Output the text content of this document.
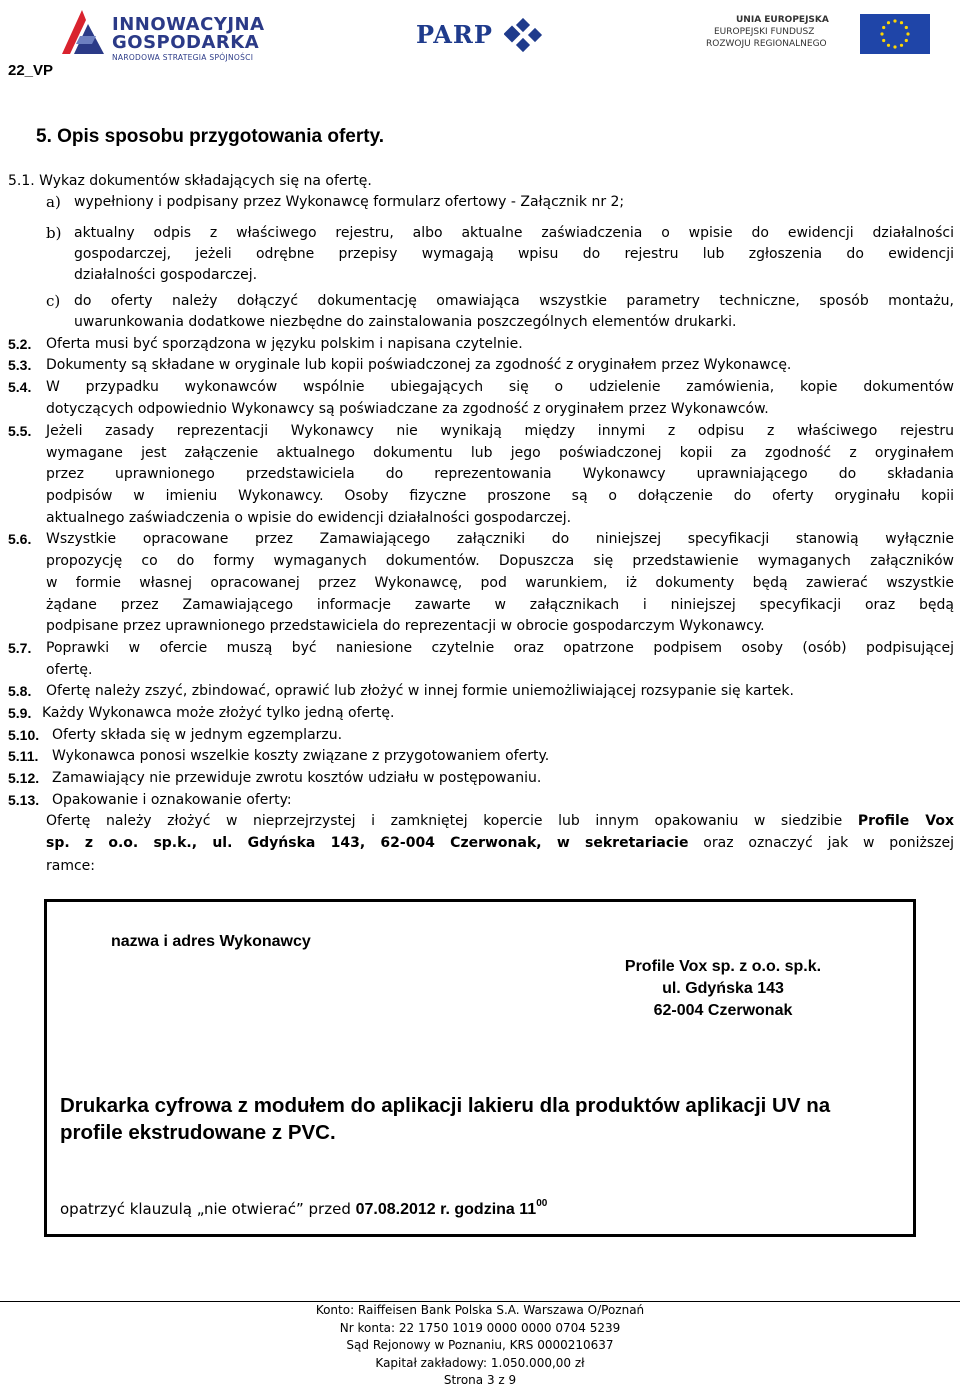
INNOWACYJNA
GOSPODARKA
NARODOWA STRATEGIA SPÓJNOŚCI
PARP	UNIA EUROPEJSKA
EUROPEJSKI FUNDUSZ
ROZWOJU REGIONALNEGO
22_VP
5. Opis sposobu przygotowania oferty.
5.1. Wykaz dokumentów składających się na ofertę.
a) wypełniony i podpisany przez Wykonawcę formularz ofertowy - Załącznik nr 2;
b) aktualny odpis z właściwego rejestru, albo aktualne zaświadczenia o wpisie do ewidencji działalności
gospodarczej, jeżeli odrębne przepisy wymagają wpisu do rejestru lub zgłoszenia do ewidencji
działalności gospodarczej.
c) do oferty należy dołączyć dokumentację omawiająca wszystkie parametry techniczne, sposób montażu,
uwarunkowania dodatkowe niezbędne do zainstalowania poszczególnych elementów drukarki.
5.2. Oferta musi być sporządzona w języku polskim i napisana czytelnie.
5.3. Dokumenty są składane w oryginale lub kopii poświadczonej za zgodność z oryginałem przez Wykonawcę.
5.4. W przypadku wykonawców wspólnie ubiegających się o udzielenie zamówienia, kopie dokumentów
dotyczących odpowiednio Wykonawcy są poświadczane za zgodność z oryginałem przez Wykonawców.
5.5. Jeżeli zasady reprezentacji Wykonawcy nie wynikają między innymi z odpisu z właściwego rejestru
wymagane jest załączenie aktualnego dokumentu lub jego poświadczonej kopii za zgodność z oryginałem
przez uprawnionego przedstawiciela do reprezentowania Wykonawcy uprawniającego do składania
podpisów w imieniu Wykonawcy. Osoby fizyczne proszone są o dołączenie do oferty oryginału kopii
aktualnego zaświadczenia o wpisie do ewidencji działalności gospodarczej.
5.6. Wszystkie opracowane przez Zamawiającego załączniki do niniejszej specyfikacji stanowią wyłącznie
propozycję co do formy wymaganych dokumentów. Dopuszcza się przedstawienie wymaganych załączników
w formie własnej opracowanej przez Wykonawcę, pod warunkiem, iż dokumenty będą zawierać wszystkie
żądane przez Zamawiającego informacje zawarte w załącznikach i niniejszej specyfikacji oraz będą
podpisane przez uprawnionego przedstawiciela do reprezentacji w obrocie gospodarczym Wykonawcy.
5.7. Poprawki w ofercie muszą być naniesione czytelnie oraz opatrzone podpisem osoby (osób) podpisującej
ofertę.
5.8. Ofertę należy zszyć, zbindować, oprawić lub złożyć w innej formie uniemożliwiającej rozsypanie się kartek.
5.9. Każdy Wykonawca może złożyć tylko jedną ofertę.
5.10. Oferty składa się w jednym egzemplarzu.
5.11. Wykonawca ponosi wszelkie koszty związane z przygotowaniem oferty.
5.12. Zamawiający nie przewiduje zwrotu kosztów udziału w postępowaniu.
5.13. Opakowanie i oznakowanie oferty:
Ofertę należy złożyć w nieprzejrzystej i zamkniętej kopercie lub innym opakowaniu w siedzibie Profile Vox
sp. z o.o. sp.k., ul. Gdyńska 143, 62-004 Czerwonak, w sekretariacie oraz oznaczyć jak w poniższej
ramce:
nazwa i adres Wykonawcy
Profile Vox sp. z o.o. sp.k.
ul. Gdyńska 143
62-004 Czerwonak
Drukarka cyfrowa z modułem do aplikacji lakieru dla produktów aplikacji UV na
profile ekstrudowane z PVC.
opatrzyć klauzulą „nie otwierać” przed 07.08.2012 r. godzina $11^{00}$
Konto: Raiffeisen Bank Polska S.A. Warszawa O/Poznań
Nr konta: 22 1750 1019 0000 0000 0704 5239
Sąd Rejonowy w Poznaniu, KRS 0000210637
Kapitał zakładowy: 1.050.000,00 zł
Strona 3 z 9
